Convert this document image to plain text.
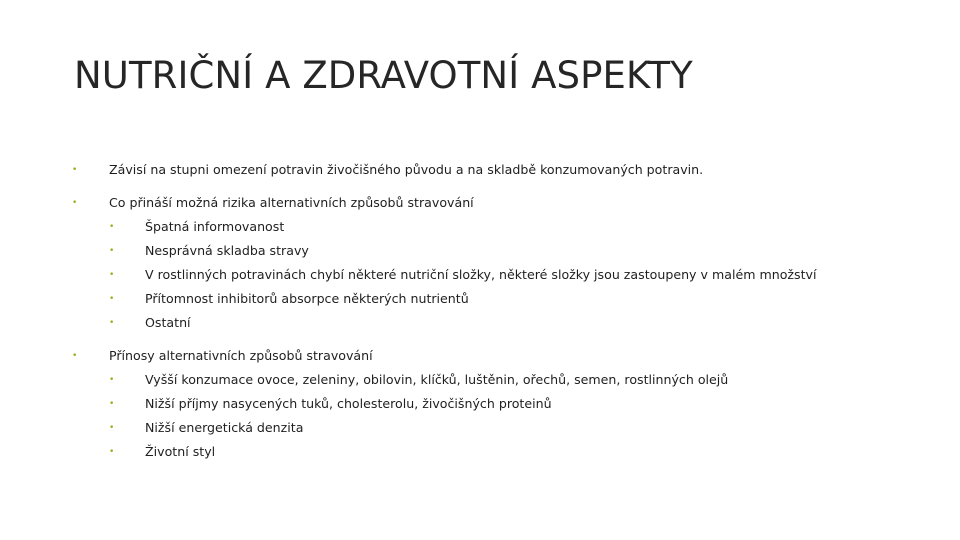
NUTRIČNÍ A ZDRAVOTNÍ ASPEKTY
•	Závisí na stupni omezení potravin živočišného původu a na skladbě konzumovaných potravin.
•	Co přináší možná rizika alternativních způsobů stravování
• Špatná informovanost
• Nesprávná skladba stravy
• V rostlinných potravinách chybí některé nutriční složky, některé složky jsou zastoupeny v malém množství
• Přítomnost inhibitorů absorpce některých nutrientů
• Ostatní
•	Přínosy alternativních způsobů stravování
• Vyšší konzumace ovoce, zeleniny, obilovin, klíčků, luštěnin, ořechů, semen, rostlinných olejů
• Nižší příjmy nasycených tuků, cholesterolu, živočišných proteinů
• Nižší energetická denzita
• Životní styl
